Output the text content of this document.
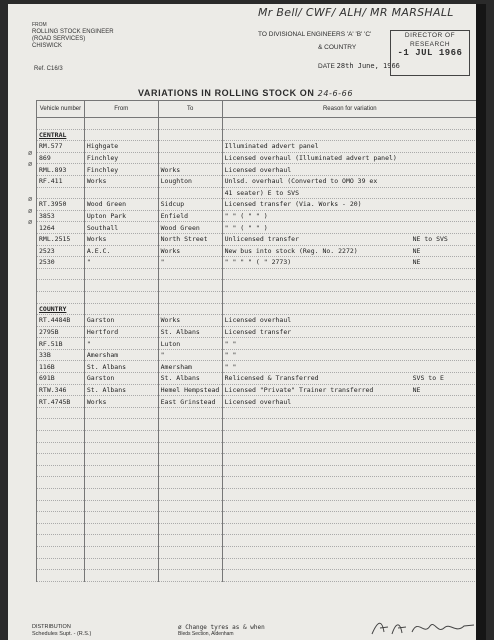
Mr Bell/ CWF/ ALH/ MR MARSHALL
FROM
ROLLING STOCK ENGINEER
(ROAD SERVICES)
CHISWICK
Ref. C16/3
TO DIVISIONAL ENGINEERS 'A' 'B' 'C'
& COUNTRY
DATE 28th June, 1966
DIRECTOR OF
RESEARCH
-1 JUL 1966
VARIATIONS IN ROLLING STOCK ON 24-6-66
Vehicle number	From	To	Reason for variation

CENTRAL			

RM.577	Highgate		Illuminated advert panel

869	Finchley		Licensed overhaul (Illuminated advert panel)

RML.893	Finchley	Works	Licensed overhaul

RF.411	Works	Loughton	Unlsd. overhaul (Converted to OMO 39 ex

			41 seater) E to SVS

RT.3950	Wood Green	Sidcup	Licensed transfer (Via. Works - 20)

3853	Upton Park	Enfield	" " ( " " )

1264	Southall	Wood Green	" " ( " " )

RML.2515	Works	North Street	Unlicensed transfer NE to SVS

2523	A.E.C.	Works	New bus into stock (Reg. No. 2272) NE

2530	"	"	" " " " ( " 2773) NE

COUNTRY			

RT.4484B	Garston	Works	Licensed overhaul

2795B	Hertford	St. Albans	Licensed transfer

RF.51B	"	Luton	" "

33B	Amersham	"	" "

116B	St. Albans	Amersham	" "

691B	Garston	St. Albans	Relicensed & Transferred SVS to E

RTW.346	St. Albans	Hemel Hempstead	Licensed "Private" Trainer transferred NE

RT.4745B	Works	East Grinstead	Licensed overhaul

DISTRIBUTION
Schedules Supt. - (R.S.)
ø Change tyres as & when
Bleds Section, Aldenham
ø
ø
ø
ø
ø
